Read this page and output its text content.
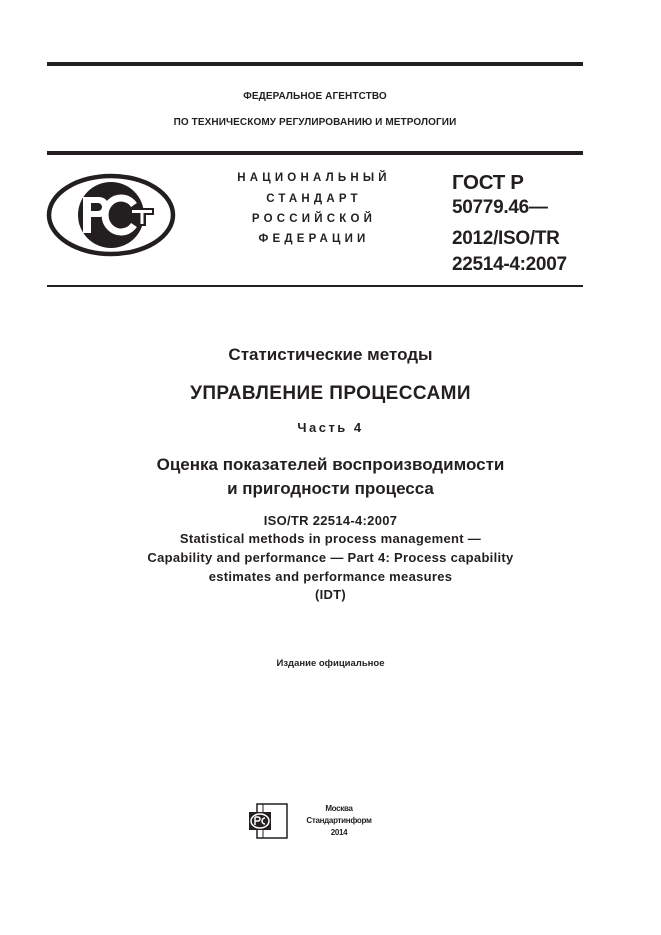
ФЕДЕРАЛЬНОЕ АГЕНТСТВО
ПО ТЕХНИЧЕСКОМУ РЕГУЛИРОВАНИЮ И МЕТРОЛОГИИ
НАЦИОНАЛЬНЫЙ
СТАНДАРТ
РОССИЙСКОЙ
ФЕДЕРАЦИИ
ГОСТ Р
50779.46—
2012/ISO/TR
22514-4:2007
Статистические методы
УПРАВЛЕНИЕ ПРОЦЕССАМИ
Часть 4
Оценка показателей воспроизводимости
и пригодности процесса
ISO/TR 22514-4:2007
Statistical methods in process management —
Capability and performance — Part 4: Process capability
estimates and performance measures
(IDT)
Издание официальное
Москва
Стандартинформ
2014
